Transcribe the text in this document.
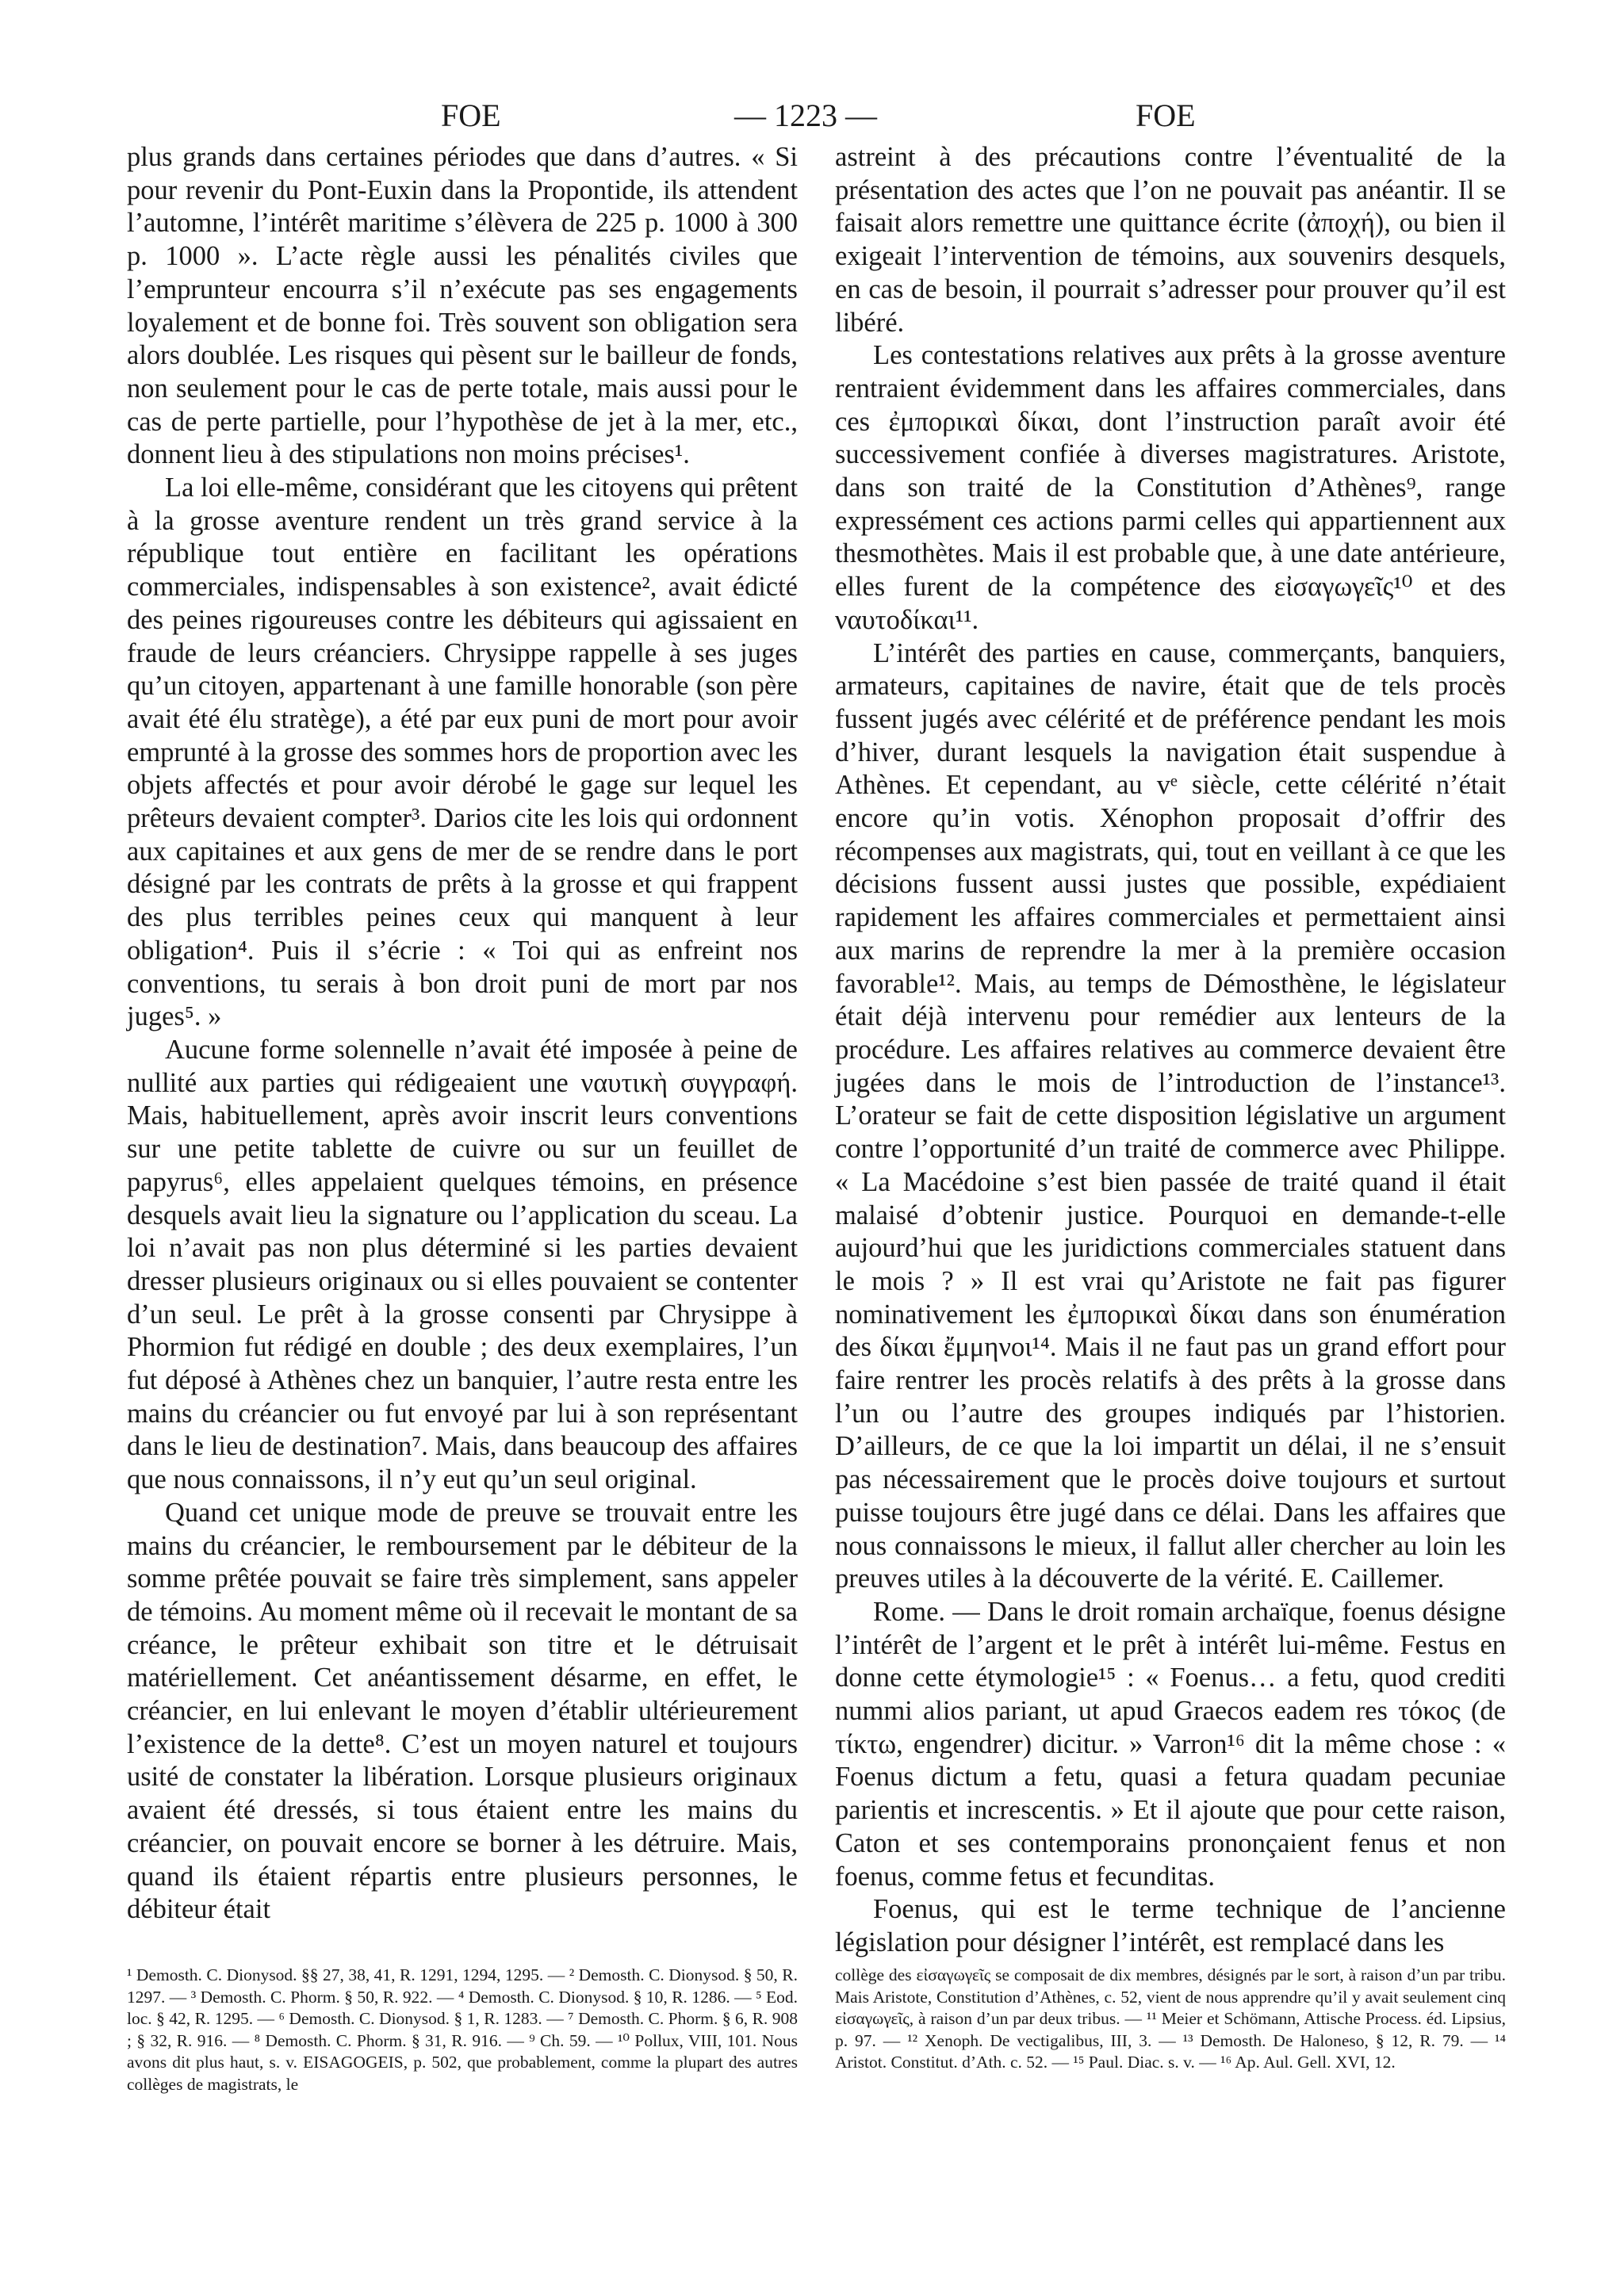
FOE	— 1223 —	FOE

plus grands dans certaines périodes que dans d’autres. « Si pour revenir du Pont-Euxin dans la Propontide, ils attendent l’automne, l’intérêt maritime s’élèvera de 225 p. 1000 à 300 p. 1000 ». L’acte règle aussi les pénalités civiles que l’emprunteur encourra s’il n’exécute pas ses engagements loyalement et de bonne foi. Très souvent son obligation sera alors doublée. Les risques qui pèsent sur le bailleur de fonds, non seulement pour le cas de perte totale, mais aussi pour le cas de perte partielle, pour l’hypothèse de jet à la mer, etc., donnent lieu à des stipulations non moins précises¹.

La loi elle-même, considérant que les citoyens qui prêtent à la grosse aventure rendent un très grand service à la république tout entière en facilitant les opérations commerciales, indispensables à son existence², avait édicté des peines rigoureuses contre les débiteurs qui agissaient en fraude de leurs créanciers. Chrysippe rappelle à ses juges qu’un citoyen, appartenant à une famille honorable (son père avait été élu stratège), a été par eux puni de mort pour avoir emprunté à la grosse des sommes hors de proportion avec les objets affectés et pour avoir dérobé le gage sur lequel les prêteurs devaient compter³. Darios cite les lois qui ordonnent aux capitaines et aux gens de mer de se rendre dans le port désigné par les contrats de prêts à la grosse et qui frappent des plus terribles peines ceux qui manquent à leur obligation⁴. Puis il s’écrie : « Toi qui as enfreint nos conventions, tu serais à bon droit puni de mort par nos juges⁵. »

Aucune forme solennelle n’avait été imposée à peine de nullité aux parties qui rédigeaient une ναυτικὴ συγγραφή. Mais, habituellement, après avoir inscrit leurs conventions sur une petite tablette de cuivre ou sur un feuillet de papyrus⁶, elles appelaient quelques témoins, en présence desquels avait lieu la signature ou l’application du sceau. La loi n’avait pas non plus déterminé si les parties devaient dresser plusieurs originaux ou si elles pouvaient se contenter d’un seul. Le prêt à la grosse consenti par Chrysippe à Phormion fut rédigé en double ; des deux exemplaires, l’un fut déposé à Athènes chez un banquier, l’autre resta entre les mains du créancier ou fut envoyé par lui à son représentant dans le lieu de destination⁷. Mais, dans beaucoup des affaires que nous connaissons, il n’y eut qu’un seul original.

Quand cet unique mode de preuve se trouvait entre les mains du créancier, le remboursement par le débiteur de la somme prêtée pouvait se faire très simplement, sans appeler de témoins. Au moment même où il recevait le montant de sa créance, le prêteur exhibait son titre et le détruisait matériellement. Cet anéantissement désarme, en effet, le créancier, en lui enlevant le moyen d’établir ultérieurement l’existence de la dette⁸. C’est un moyen naturel et toujours usité de constater la libération. Lorsque plusieurs originaux avaient été dressés, si tous étaient entre les mains du créancier, on pouvait encore se borner à les détruire. Mais, quand ils étaient répartis entre plusieurs personnes, le débiteur était

astreint à des précautions contre l’éventualité de la présentation des actes que l’on ne pouvait pas anéantir. Il se faisait alors remettre une quittance écrite (ἀποχή), ou bien il exigeait l’intervention de témoins, aux souvenirs desquels, en cas de besoin, il pourrait s’adresser pour prouver qu’il est libéré.

Les contestations relatives aux prêts à la grosse aventure rentraient évidemment dans les affaires commerciales, dans ces ἐμπορικαὶ δίκαι, dont l’instruction paraît avoir été successivement confiée à diverses magistratures. Aristote, dans son traité de la Constitution d’Athènes⁹, range expressément ces actions parmi celles qui appartiennent aux thesmothètes. Mais il est probable que, à une date antérieure, elles furent de la compétence des εἰσαγωγεῖς¹⁰ et des ναυτοδίκαι¹¹.

L’intérêt des parties en cause, commerçants, banquiers, armateurs, capitaines de navire, était que de tels procès fussent jugés avec célérité et de préférence pendant les mois d’hiver, durant lesquels la navigation était suspendue à Athènes. Et cependant, au vᵉ siècle, cette célérité n’était encore qu’in votis. Xénophon proposait d’offrir des récompenses aux magistrats, qui, tout en veillant à ce que les décisions fussent aussi justes que possible, expédiaient rapidement les affaires commerciales et permettaient ainsi aux marins de reprendre la mer à la première occasion favorable¹². Mais, au temps de Démosthène, le législateur était déjà intervenu pour remédier aux lenteurs de la procédure. Les affaires relatives au commerce devaient être jugées dans le mois de l’introduction de l’instance¹³. L’orateur se fait de cette disposition législative un argument contre l’opportunité d’un traité de commerce avec Philippe. « La Macédoine s’est bien passée de traité quand il était malaisé d’obtenir justice. Pourquoi en demande-t-elle aujourd’hui que les juridictions commerciales statuent dans le mois ? » Il est vrai qu’Aristote ne fait pas figurer nominativement les ἐμπορικαὶ δίκαι dans son énumération des δίκαι ἔμμηνοι¹⁴. Mais il ne faut pas un grand effort pour faire rentrer les procès relatifs à des prêts à la grosse dans l’un ou l’autre des groupes indiqués par l’historien. D’ailleurs, de ce que la loi impartit un délai, il ne s’ensuit pas nécessairement que le procès doive toujours et surtout puisse toujours être jugé dans ce délai. Dans les affaires que nous connaissons le mieux, il fallut aller chercher au loin les preuves utiles à la découverte de la vérité. E. Caillemer.

Rome. — Dans le droit romain archaïque, foenus désigne l’intérêt de l’argent et le prêt à intérêt lui-même. Festus en donne cette étymologie¹⁵ : « Foenus… a fetu, quod crediti nummi alios pariant, ut apud Graecos eadem res τόκος (de τίκτω, engendrer) dicitur. » Varron¹⁶ dit la même chose : « Foenus dictum a fetu, quasi a fetura quadam pecuniae parientis et increscentis. » Et il ajoute que pour cette raison, Caton et ses contemporains prononçaient fenus et non foenus, comme fetus et fecunditas.

Foenus, qui est le terme technique de l’ancienne législation pour désigner l’intérêt, est remplacé dans les

¹ Demosth. C. Dionysod. §§ 27, 38, 41, R. 1291, 1294, 1295. — ² Demosth. C. Dionysod. § 50, R. 1297. — ³ Demosth. C. Phorm. § 50, R. 922. — ⁴ Demosth. C. Dionysod. § 10, R. 1286. — ⁵ Eod. loc. § 42, R. 1295. — ⁶ Demosth. C. Dionysod. § 1, R. 1283. — ⁷ Demosth. C. Phorm. § 6, R. 908 ; § 32, R. 916. — ⁸ Demosth. C. Phorm. § 31, R. 916. — ⁹ Ch. 59. — ¹⁰ Pollux, VIII, 101. Nous avons dit plus haut, s. v. EISAGOGEIS, p. 502, que probablement, comme la plupart des autres collèges de magistrats, le

collège des εἰσαγωγεῖς se composait de dix membres, désignés par le sort, à raison d’un par tribu. Mais Aristote, Constitution d’Athènes, c. 52, vient de nous apprendre qu’il y avait seulement cinq εἰσαγωγεῖς, à raison d’un par deux tribus. — ¹¹ Meier et Schömann, Attische Process. éd. Lipsius, p. 97. — ¹² Xenoph. De vectigalibus, III, 3. — ¹³ Demosth. De Haloneso, § 12, R. 79. — ¹⁴ Aristot. Constitut. d’Ath. c. 52. — ¹⁵ Paul. Diac. s. v. — ¹⁶ Ap. Aul. Gell. XVI, 12.
